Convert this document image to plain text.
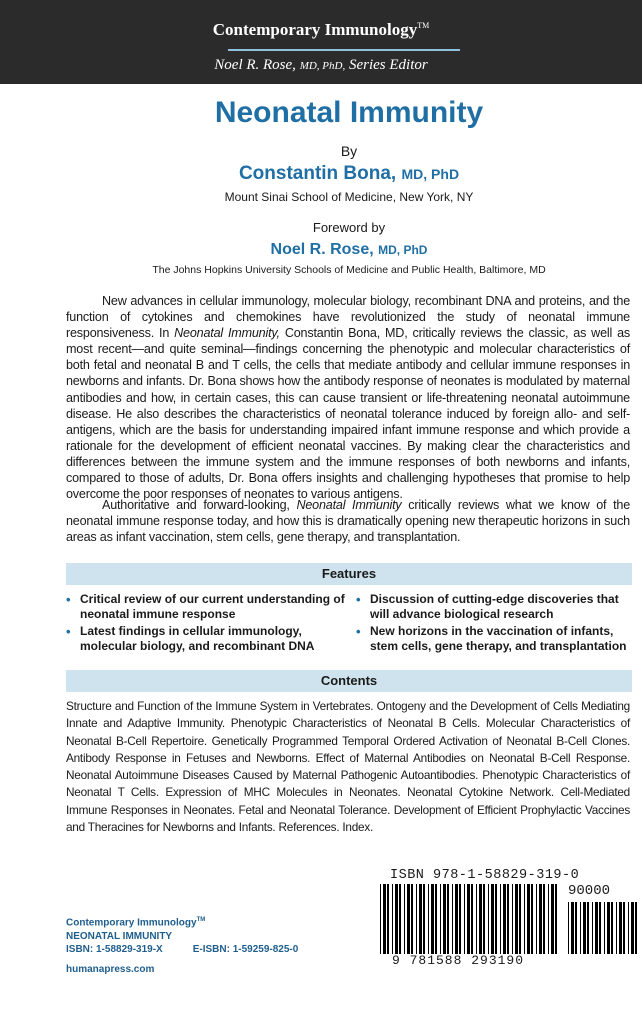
Contemporary Immunology™
Noel R. Rose, MD, PhD, Series Editor
Neonatal Immunity
By
Constantin Bona, MD, PhD
Mount Sinai School of Medicine, New York, NY
Foreword by
Noel R. Rose, MD, PhD
The Johns Hopkins University Schools of Medicine and Public Health, Baltimore, MD

New advances in cellular immunology, molecular biology, recombinant DNA and proteins, and the function of cytokines and chemokines have revolutionized the study of neonatal immune responsiveness. In Neonatal Immunity, Constantin Bona, MD, critically reviews the classic, as well as most recent—and quite seminal—findings concerning the phenotypic and molecular characteristics of both fetal and neonatal B and T cells, the cells that mediate antibody and cellular immune responses in newborns and infants. Dr. Bona shows how the antibody response of neonates is modulated by maternal antibodies and how, in certain cases, this can cause transient or life-threatening neonatal autoimmune disease. He also describes the characteristics of neonatal tolerance induced by foreign allo- and self-antigens, which are the basis for understanding impaired infant immune response and which provide a rationale for the development of efficient neonatal vaccines. By making clear the characteristics and differences between the immune system and the immune responses of both newborns and infants, compared to those of adults, Dr. Bona offers insights and challenging hypotheses that promise to help overcome the poor responses of neonates to various antigens.

Authoritative and forward-looking, Neonatal Immunity critically reviews what we know of the neonatal immune response today, and how this is dramatically opening new therapeutic horizons in such areas as infant vaccination, stem cells, gene therapy, and transplantation.

Features
• Critical review of our current understanding of neonatal immune response
• Latest findings in cellular immunology, molecular biology, and recombinant DNA
• Discussion of cutting-edge discoveries that will advance biological research
• New horizons in the vaccination of infants, stem cells, gene therapy, and transplantation
Contents

Structure and Function of the Immune System in Vertebrates. Ontogeny and the Development of Cells Mediating Innate and Adaptive Immunity. Phenotypic Characteristics of Neonatal B Cells. Molecular Characteristics of Neonatal B-Cell Repertoire. Genetically Programmed Temporal Ordered Activation of Neonatal B-Cell Clones. Antibody Response in Fetuses and Newborns. Effect of Maternal Antibodies on Neonatal B-Cell Response. Neonatal Autoimmune Diseases Caused by Maternal Pathogenic Autoantibodies. Phenotypic Characteristics of Neonatal T Cells. Expression of MHC Molecules in Neonates. Neonatal Cytokine Network. Cell-Mediated Immune Responses in Neonates. Fetal and Neonatal Tolerance. Development of Efficient Prophylactic Vaccines and Theracines for Newborns and Infants. References. Index.

Contemporary Immunology™
NEONATAL IMMUNITY
ISBN: 1-58829-319-X	E-ISBN: 1-59259-825-0
humanapress.com
ISBN 978-1-58829-319-0
90000
9 781588 293190
